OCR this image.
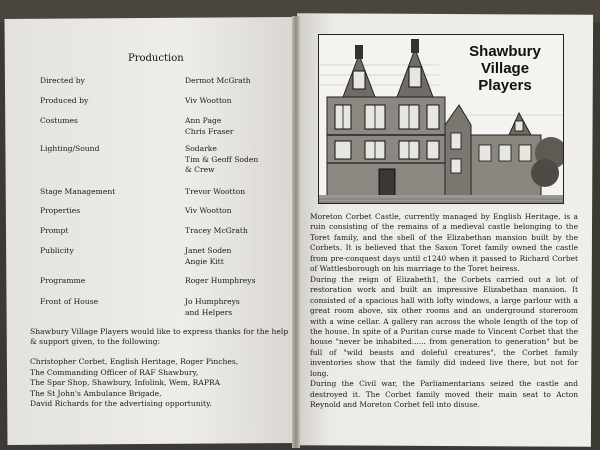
Production
Directed by	Dermot McGrath
Produced by	Viv Wootton
Costumes	Ann Page
Chris Fraser
Lighting/Sound	Sodarke
Tim & Geoff Soden
& Crew
Stage Management	Trevor Wootton
Properties	Viv Wootton
Prompt	Tracey McGrath
Publicity	Janet Soden
Angie Kitt
Programme	Roger Humphreys
Front of House	Jo Humphreys
and Helpers
Shawbury Village Players would like to express thanks for the help & support given, to the following:
Christopher Corbet, English Heritage, Roger Pinches,
The Commanding Officer of RAF Shawbury,
The Spar Shop, Shawbury, Infolink, Wem, RAPRA
The St John's Ambulance Brigade,
David Richards for the advertising opportunity.
Shawbury
Village
Players

Moreton Corbet Castle, currently managed by English Heritage, is a ruin consisting of the remains of a medieval castle belonging to the Toret family, and the shell of the Elizabethan mansion built by the Corbets. It is believed that the Saxon Toret family owned the castle from pre-conquest days until c1240 when it passed to Richard Corbet of Wattlesborough on his marriage to the Toret heiress.

During the reign of Elizabeth1, the Corbets carried out a lot of restoration work and built an impressive Elizabethan mansion. It consisted of a spacious hall with lofty windows, a large parlour with a great room above, six other rooms and an underground storeroom with a wine cellar. A gallery ran across the whole length of the top of the house. In spite of a Puritan curse made to Vincent Corbet that the house "never be inhabited...... from generation to generation" but be full of "wild beasts and doleful creatures", the Corbet family inventories show that the family did indeed live there, but not for long.

During the Civil war, the Parliamentarians seized the castle and destroyed it. The Corbet family moved their main seat to Acton Reynold and Moreton Corbet fell into disuse.
